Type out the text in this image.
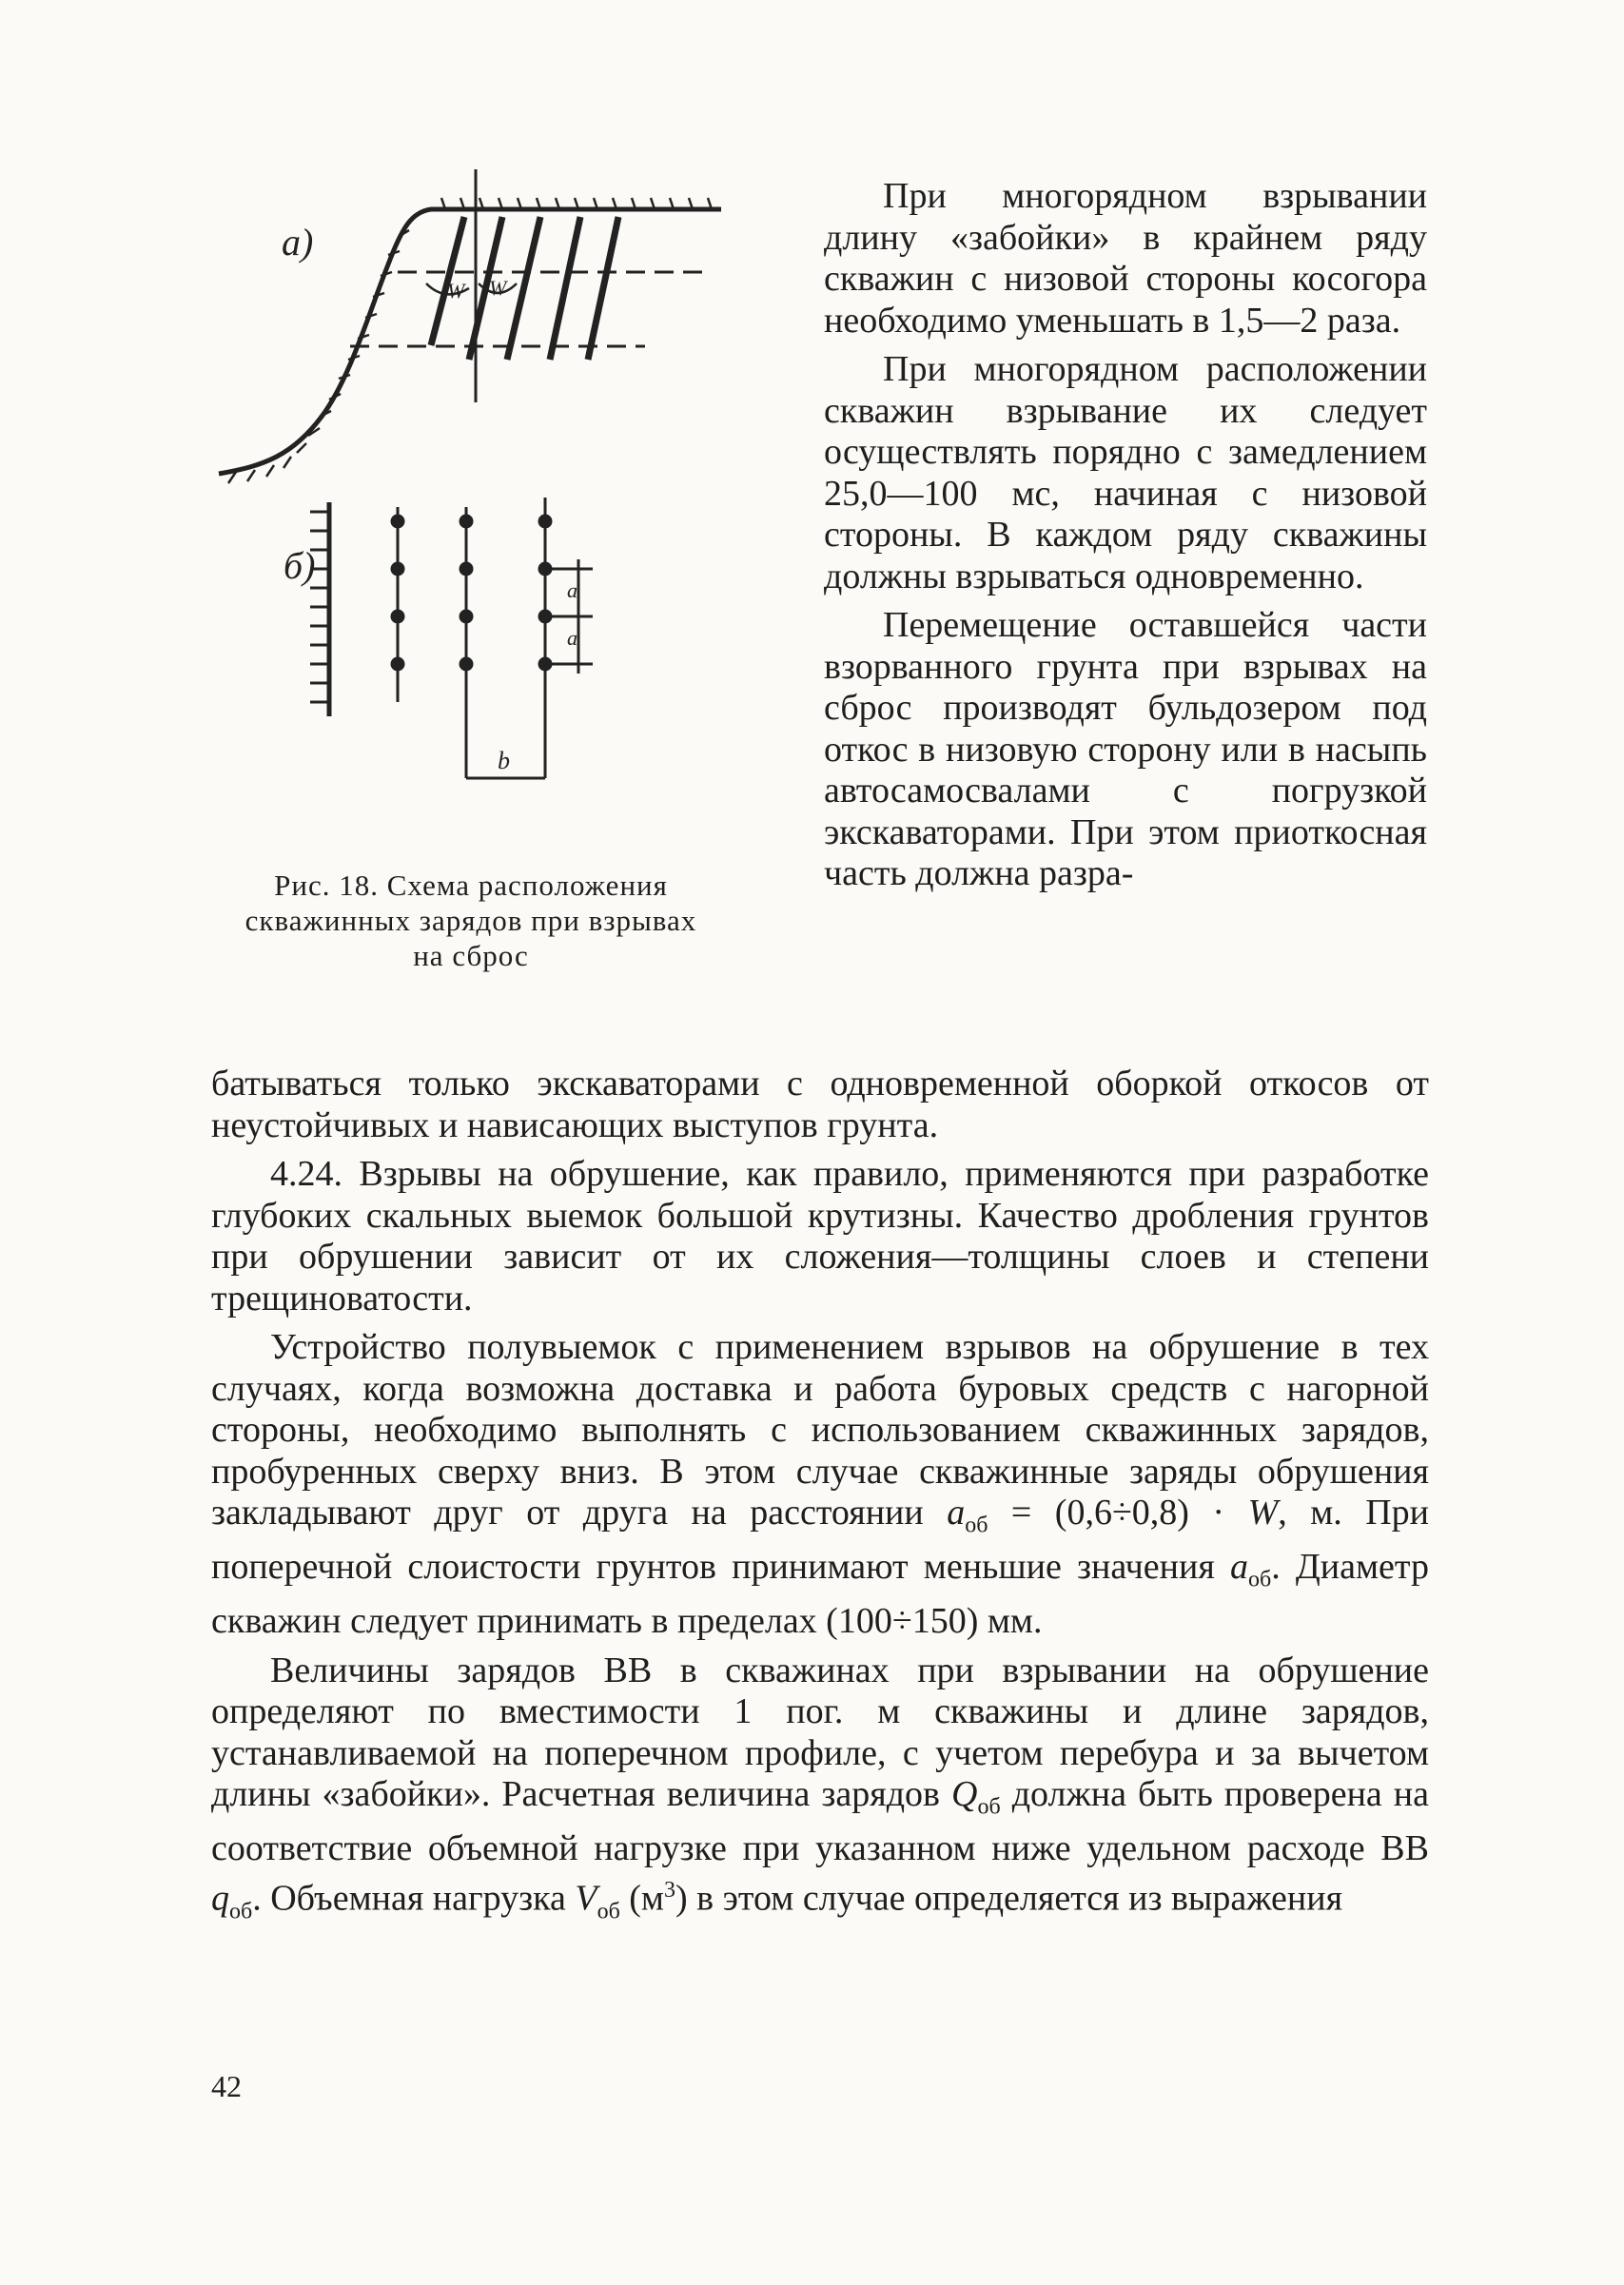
а)
W W
б)
а
а
b
Рис. 18. Схема расположения скважинных зарядов при взрывах на сброс

При многорядном взрывании длину «забойки» в крайнем ряду скважин с низовой стороны косогора необходимо уменьшать в 1,5—2 раза.

При многорядном расположении скважин взрывание их следует осуществлять порядно с замедлением 25,0—100 мс, начиная с низовой стороны. В каждом ряду скважины должны взрываться одновременно.

Перемещение оставшейся части взорванного грунта при взрывах на сброс производят бульдозером под откос в низовую сторону или в насыпь автосамосвалами с погрузкой экскаваторами. При этом приоткосная часть должна разра-

батываться только экскаваторами с одновременной оборкой откосов от неустойчивых и нависающих выступов грунта.

4.24. Взрывы на обрушение, как правило, применяются при разработке глубоких скальных выемок большой крутизны. Качество дробления грунтов при обрушении зависит от их сложения—толщины слоев и степени трещиноватости.

Устройство полувыемок с применением взрывов на обрушение в тех случаях, когда возможна доставка и работа буровых средств с нагорной стороны, необходимо выполнять с использованием скважинных зарядов, пробуренных сверху вниз. В этом случае скважинные заряды обрушения закладывают друг от друга на расстоянии $a_{об} = (0,6\div 0,8) \cdot W$, м. При поперечной слоистости грунтов принимают меньшие значения $a_{об}$. Диаметр скважин следует принимать в пределах (100÷150) мм.

Величины зарядов ВВ в скважинах при взрывании на обрушение определяют по вместимости 1 пог. м скважины и длине зарядов, устанавливаемой на поперечном профиле, с учетом перебура и за вычетом длины «забойки». Расчетная величина зарядов $Q_{об}$ должна быть проверена на соответствие объемной нагрузке при указанном ниже удельном расходе ВВ $q_{об}$. Объемная нагрузка $V_{об}$ $(м^3)$ в этом случае определяется из выражения

42
